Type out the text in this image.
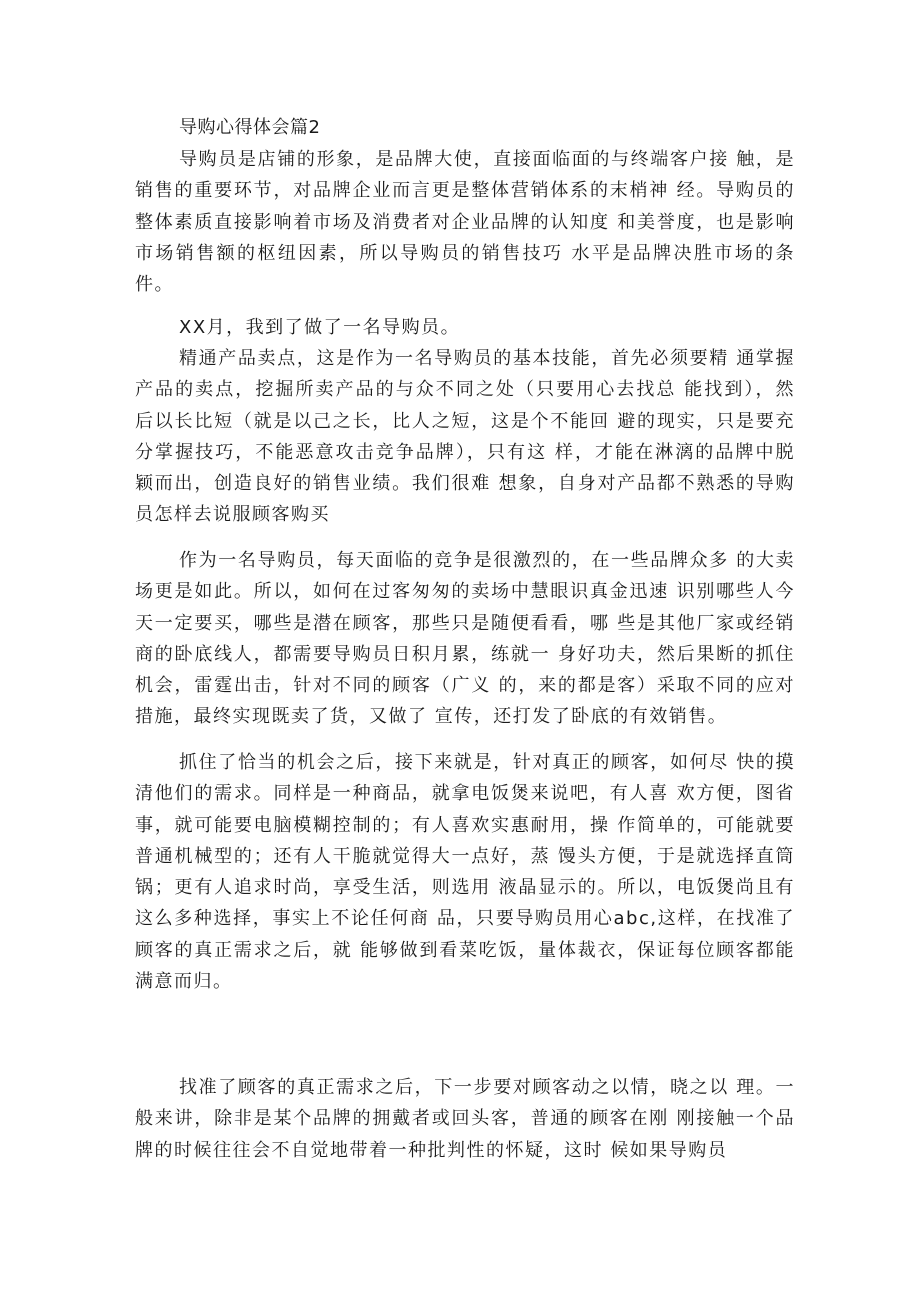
导购心得体会篇2

导购员是店铺的形象，是品牌大使，直接面临面的与终端客户接 触，是销售的重要环节，对品牌企业而言更是整体营销体系的末梢神 经。导购员的整体素质直接影响着市场及消费者对企业品牌的认知度 和美誉度，也是影响市场销售额的枢纽因素，所以导购员的销售技巧 水平是品牌决胜市场的条件。

XX月，我到了做了一名导购员。

精通产品卖点，这是作为一名导购员的基本技能，首先必须要精 通掌握产品的卖点，挖掘所卖产品的与众不同之处（只要用心去找总 能找到），然后以长比短（就是以己之长，比人之短，这是个不能回 避的现实，只是要充分掌握技巧，不能恶意攻击竞争品牌），只有这 样，才能在淋漓的品牌中脱颖而出，创造良好的销售业绩。我们很难 想象，自身对产品都不熟悉的导购员怎样去说服顾客购买

作为一名导购员，每天面临的竞争是很激烈的，在一些品牌众多 的大卖场更是如此。所以，如何在过客匆匆的卖场中慧眼识真金迅速 识别哪些人今天一定要买，哪些是潜在顾客，那些只是随便看看，哪 些是其他厂家或经销商的卧底线人，都需要导购员日积月累，练就一 身好功夫，然后果断的抓住机会，雷霆出击，针对不同的顾客（广义 的，来的都是客）采取不同的应对措施，最终实现既卖了货，又做了 宣传，还打发了卧底的有效销售。

抓住了恰当的机会之后，接下来就是，针对真正的顾客，如何尽 快的摸清他们的需求。同样是一种商品，就拿电饭煲来说吧，有人喜 欢方便，图省事，就可能要电脑模糊控制的；有人喜欢实惠耐用，操 作简单的，可能就要普通机械型的；还有人干脆就觉得大一点好，蒸 馒头方便，于是就选择直筒锅；更有人追求时尚，享受生活，则选用 液晶显示的。所以，电饭煲尚且有这么多种选择，事实上不论任何商 品，只要导购员用心abc,这样，在找准了顾客的真正需求之后，就 能够做到看菜吃饭，量体裁衣，保证每位顾客都能满意而归。

找准了顾客的真正需求之后，下一步要对顾客动之以情，晓之以 理。一般来讲，除非是某个品牌的拥戴者或回头客，普通的顾客在刚 刚接触一个品牌的时候往往会不自觉地带着一种批判性的怀疑，这时 候如果导购员
